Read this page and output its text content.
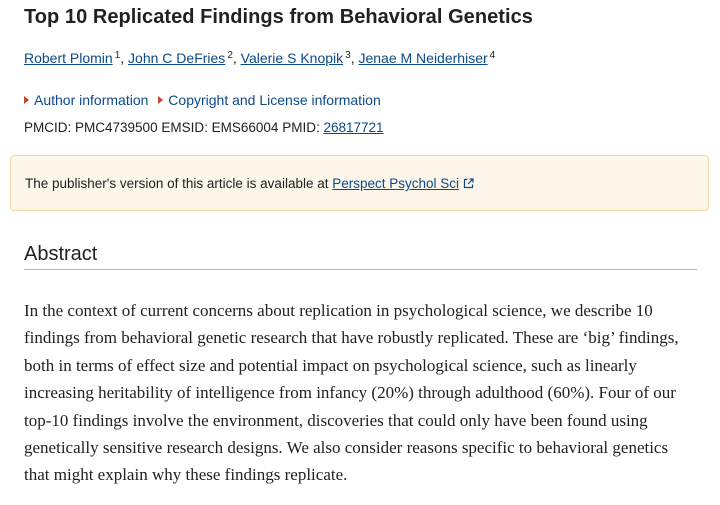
Top 10 Replicated Findings from Behavioral Genetics
Robert Plomin $^1$, John C DeFries $^2$, Valerie S Knopik $^3$, Jenae M Neiderhiser $^4$
Author information Copyright and License information
PMCID: PMC4739500 EMSID: EMS66004 PMID: 26817721
The publisher's version of this article is available at Perspect Psychol Sci
Abstract

In the context of current concerns about replication in psychological science, we describe 10 findings from behavioral genetic research that have robustly replicated. These are ‘big’ findings, both in terms of effect size and potential impact on psychological science, such as linearly increasing heritability of intelligence from infancy (20%) through adulthood (60%). Four of our top-10 findings involve the environment, discoveries that could only have been found using genetically sensitive research designs. We also consider reasons specific to behavioral genetics that might explain why these findings replicate.
